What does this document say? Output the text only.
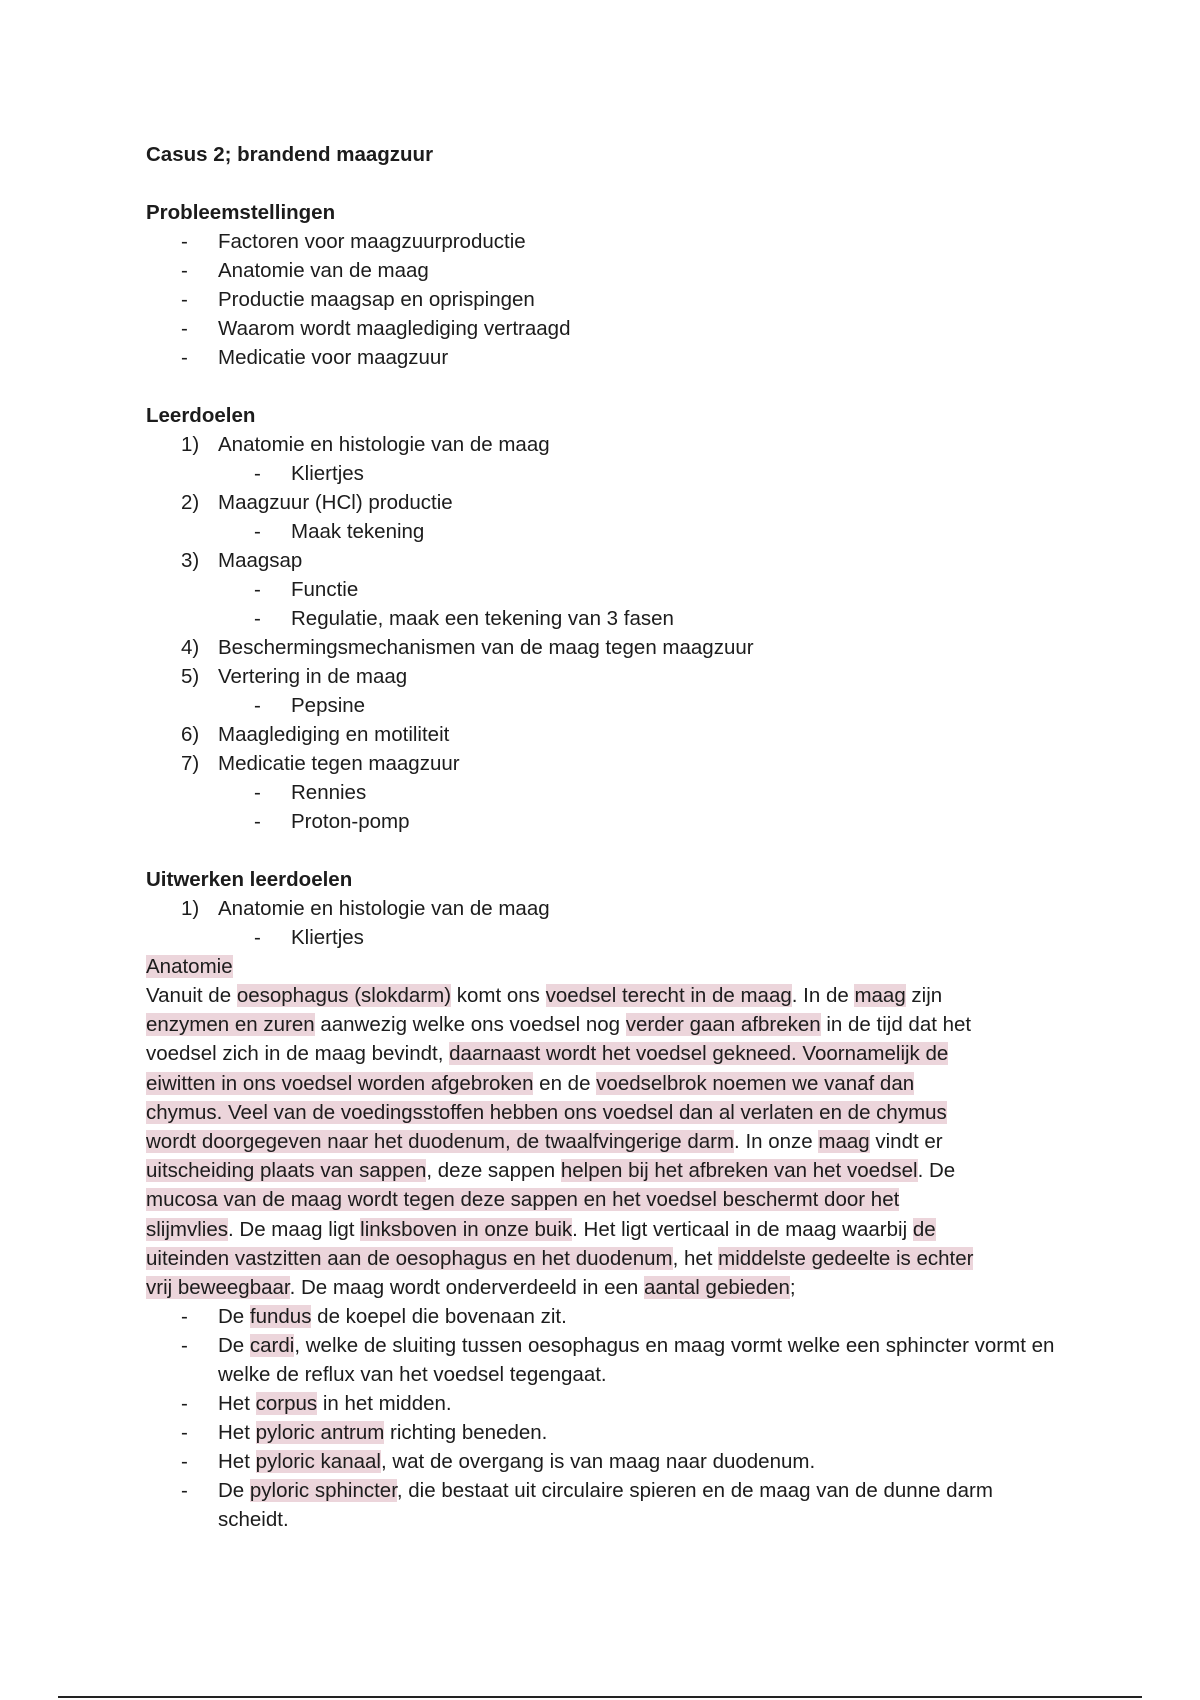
Casus 2; brandend maagzuur
Probleemstellingen
- Factoren voor maagzuurproductie
- Anatomie van de maag
- Productie maagsap en oprispingen
- Waarom wordt maaglediging vertraagd
- Medicatie voor maagzuur
Leerdoelen
1) Anatomie en histologie van de maag
- Kliertjes
2) Maagzuur (HCl) productie
- Maak tekening
3) Maagsap
- Functie
- Regulatie, maak een tekening van 3 fasen
4) Beschermingsmechanismen van de maag tegen maagzuur
5) Vertering in de maag
- Pepsine
6) Maaglediging en motiliteit
7) Medicatie tegen maagzuur
- Rennies
- Proton-pomp
Uitwerken leerdoelen
1) Anatomie en histologie van de maag
- Kliertjes
Anatomie
Vanuit de oesophagus (slokdarm) komt ons voedsel terecht in de maag. In de maag zijn
enzymen en zuren aanwezig welke ons voedsel nog verder gaan afbreken in de tijd dat het
voedsel zich in de maag bevindt, daarnaast wordt het voedsel gekneed. Voornamelijk de
eiwitten in ons voedsel worden afgebroken en de voedselbrok noemen we vanaf dan
chymus. Veel van de voedingsstoffen hebben ons voedsel dan al verlaten en de chymus
wordt doorgegeven naar het duodenum, de twaalfvingerige darm. In onze maag vindt er
uitscheiding plaats van sappen, deze sappen helpen bij het afbreken van het voedsel. De
mucosa van de maag wordt tegen deze sappen en het voedsel beschermt door het
slijmvlies. De maag ligt linksboven in onze buik. Het ligt verticaal in de maag waarbij de
uiteinden vastzitten aan de oesophagus en het duodenum, het middelste gedeelte is echter
vrij beweegbaar. De maag wordt onderverdeeld in een aantal gebieden;
-	De fundus de koepel die bovenaan zit.
-	De cardi, welke de sluiting tussen oesophagus en maag vormt welke een sphincter vormt en welke de reflux van het voedsel tegengaat.
-	Het corpus in het midden.
-	Het pyloric antrum richting beneden.
-	Het pyloric kanaal, wat de overgang is van maag naar duodenum.
-	De pyloric sphincter, die bestaat uit circulaire spieren en de maag van de dunne darm scheidt.
